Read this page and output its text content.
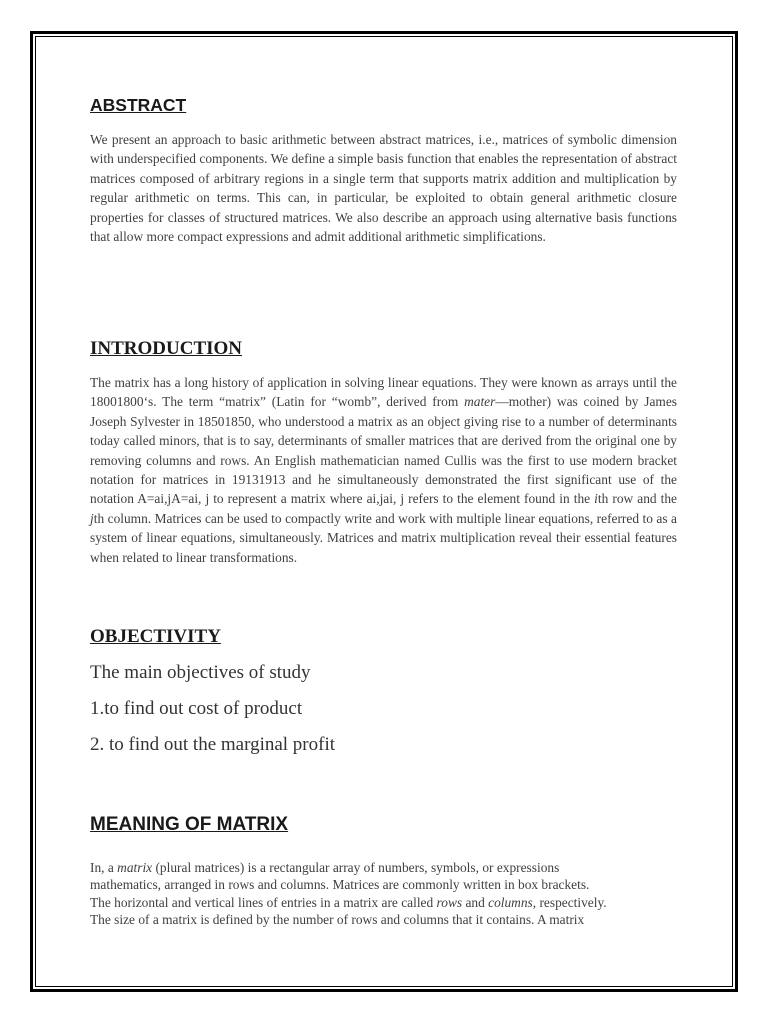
ABSTRACT

We present an approach to basic arithmetic between abstract matrices, i.e., matrices of symbolic dimension with underspecified components. We define a simple basis function that enables the representation of abstract matrices composed of arbitrary regions in a single term that supports matrix addition and multiplication by regular arithmetic on terms. This can, in particular, be exploited to obtain general arithmetic closure properties for classes of structured matrices. We also describe an approach using alternative basis functions that allow more compact expressions and admit additional arithmetic simplifications.

INTRODUCTION

The matrix has a long history of application in solving linear equations. They were known as arrays until the 18001800‘s. The term “matrix” (Latin for “womb”, derived from mater—mother) was coined by James Joseph Sylvester in 18501850, who understood a matrix as an object giving rise to a number of determinants today called minors, that is to say, determinants of smaller matrices that are derived from the original one by removing columns and rows. An English mathematician named Cullis was the first to use modern bracket notation for matrices in 19131913 and he simultaneously demonstrated the first significant use of the notation A=ai,jA=ai, j to represent a matrix where ai,jai, j refers to the element found in the ith row and the jth column. Matrices can be used to compactly write and work with multiple linear equations, referred to as a system of linear equations, simultaneously. Matrices and matrix multiplication reveal their essential features when related to linear transformations.

OBJECTIVITY
The main objectives of study
1.to find out cost of product
2. to find out the marginal profit
MEANING OF MATRIX

In, a matrix (plural matrices) is a rectangular array of numbers, symbols, or expressions
mathematics, arranged in rows and columns. Matrices are commonly written in box brackets.
The horizontal and vertical lines of entries in a matrix are called rows and columns, respectively.
The size of a matrix is defined by the number of rows and columns that it contains. A matrix
